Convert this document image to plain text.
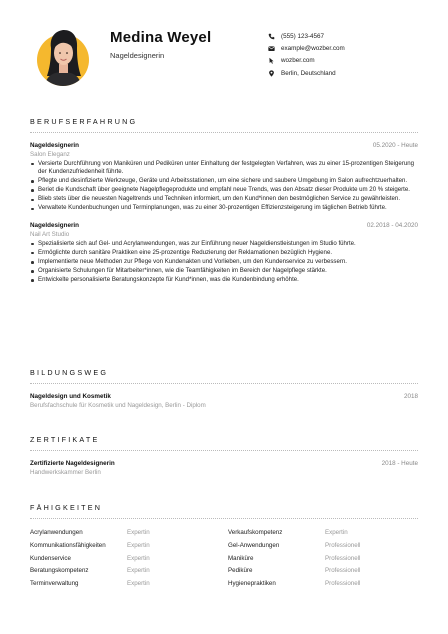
Medina Weyel
Nageldesignerin
(555) 123-4567
example@wozber.com
wozber.com
Berlin, Deutschland
BERUFSERFAHRUNG
Nageldesignerin	05.2020 - Heute
Salon Eleganz
Versierte Durchführung von Maniküren und Pediküren unter Einhaltung der festgelegten Verfahren, was zu einer 15-prozentigen Steigerung der Kundenzufriedenheit führte.
Pflegte und desinfizierte Werkzeuge, Geräte und Arbeitsstationen, um eine sichere und saubere Umgebung im Salon aufrechtzuerhalten.
Beriet die Kundschaft über geeignete Nagelpflegeprodukte und empfahl neue Trends, was den Absatz dieser Produkte um 20 % steigerte.
Blieb stets über die neuesten Nageltrends und Techniken informiert, um den Kund*innen den bestmöglichen Service zu gewährleisten.
Verwaltete Kundenbuchungen und Terminplanungen, was zu einer 30-prozentigen Effizienzsteigerung im täglichen Betrieb führte.
Nageldesignerin	02.2018 - 04.2020
Nail Art Studio
Spezialisierte sich auf Gel- und Acrylanwendungen, was zur Einführung neuer Nageldienstleistungen im Studio führte.
Ermöglichte durch sanitäre Praktiken eine 25-prozentige Reduzierung der Reklamationen bezüglich Hygiene.
Implementierte neue Methoden zur Pflege von Kundenakten und Vorlieben, um den Kundenservice zu verbessern.
Organisierte Schulungen für Mitarbeiter*innen, wie die Teamfähigkeiten im Bereich der Nagelpflege stärkte.
Entwickelte personalisierte Beratungskonzepte für Kund*innen, was die Kundenbindung erhöhte.
BILDUNGSWEG
Nageldesign und Kosmetik	2018
Berufsfachschule für Kosmetik und Nageldesign, Berlin - Diplom
ZERTIFIKATE
Zertifizierte Nageldesignerin	2018 - Heute
Handwerkskammer Berlin
FÄHIGKEITEN
Acrylanwendungen	Expertin	Verkaufskompetenz	Expertin
Kommunikationsfähigkeiten	Expertin	Gel-Anwendungen	Professionell
Kundenservice	Expertin	Maniküre	Professionell
Beratungskompetenz	Expertin	Pediküre	Professionell
Terminverwaltung	Expertin	Hygienepraktiken	Professionell
